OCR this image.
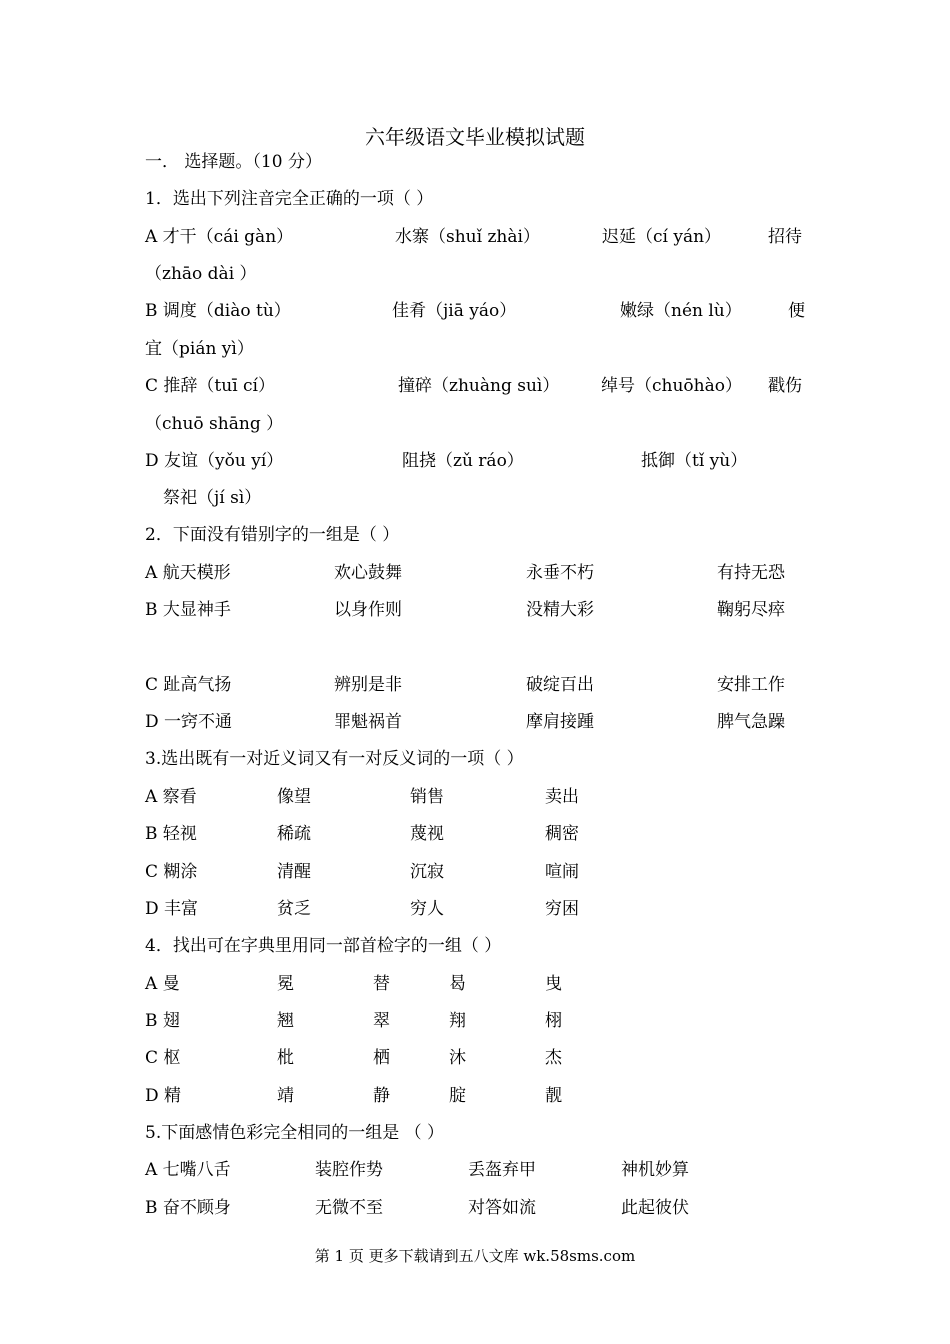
六年级语文毕业模拟试题
一． 选择题。（10 分）
1．选出下列注音完全正确的一项（ ）
A 才干（cái gàn）	水寨（shuǐ zhài）	迟延（cí yán）	招待
（zhāo dài ）
B 调度（diào tù）	佳肴（jiā yáo）	嫩绿（nén lù）	便
宜（pián yì）
C 推辞（tuī cí）	撞碎（zhuàng suì） 绰号（chuōhào） 戳伤
（chuō shāng ）
D 友谊（yǒu yí）	阻挠（zǔ ráo）	抵御（tǐ yù）
祭祀（jí sì）
2．下面没有错别字的一组是（ ）
A 航天模形	欢心鼓舞	永垂不朽	有持无恐
B 大显神手	以身作则	没精大彩	鞠躬尽瘁
C 趾高气扬	辨别是非	破绽百出	安排工作
D 一窍不通	罪魁祸首	摩肩接踵	脾气急躁
3.选出既有一对近义词又有一对反义词的一项（ ）
A 察看	像望	销售	卖出
B 轻视	稀疏	蔑视	稠密
C 糊涂	清醒	沉寂	喧闹
D 丰富	贫乏	穷人	穷困
4．找出可在字典里用同一部首检字的一组（ ）
A 曼	冕	替	曷	曳
B 翅	翘	翠	翔	栩
C 枢	枇	栖	沐	杰
D 精	靖	静	腚	靓
5.下面感情色彩完全相同的一组是 （ ）
A 七嘴八舌	装腔作势	丢盔弃甲	神机妙算
B 奋不顾身	无微不至	对答如流	此起彼伏
第 1 页 更多下载请到五八文库 wk.58sms.com
